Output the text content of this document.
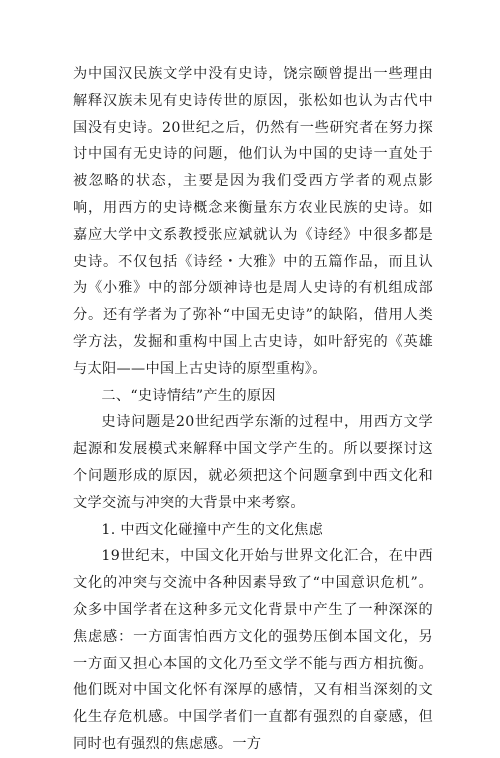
为中国汉民族文学中没有史诗，饶宗颐曾提出一些理由解释汉族未见有史诗传世的原因，张松如也认为古代中国没有史诗。20世纪之后，仍然有一些研究者在努力探讨中国有无史诗的问题，他们认为中国的史诗一直处于被忽略的状态，主要是因为我们受西方学者的观点影响，用西方的史诗概念来衡量东方农业民族的史诗。如嘉应大学中文系教授张应斌就认为《诗经》中很多都是史诗。不仅包括《诗经・大雅》中的五篇作品，而且认为《小雅》中的部分颂神诗也是周人史诗的有机组成部分。还有学者为了弥补“中国无史诗”的缺陷，借用人类学方法，发掘和重构中国上古史诗，如叶舒宪的《英雄与太阳——中国上古史诗的原型重构》。

二、“史诗情结”产生的原因

史诗问题是20世纪西学东渐的过程中，用西方文学起源和发展模式来解释中国文学产生的。所以要探讨这个问题形成的原因，就必须把这个问题拿到中西文化和文学交流与冲突的大背景中来考察。

1. 中西文化碰撞中产生的文化焦虑

19世纪末，中国文化开始与世界文化汇合，在中西文化的冲突与交流中各种因素导致了“中国意识危机”。众多中国学者在这种多元文化背景中产生了一种深深的焦虑感：一方面害怕西方文化的强势压倒本国文化，另一方面又担心本国的文化乃至文学不能与西方相抗衡。他们既对中国文化怀有深厚的感情，又有相当深刻的文化生存危机感。中国学者们一直都有强烈的自豪感，但同时也有强烈的焦虑感。一方
